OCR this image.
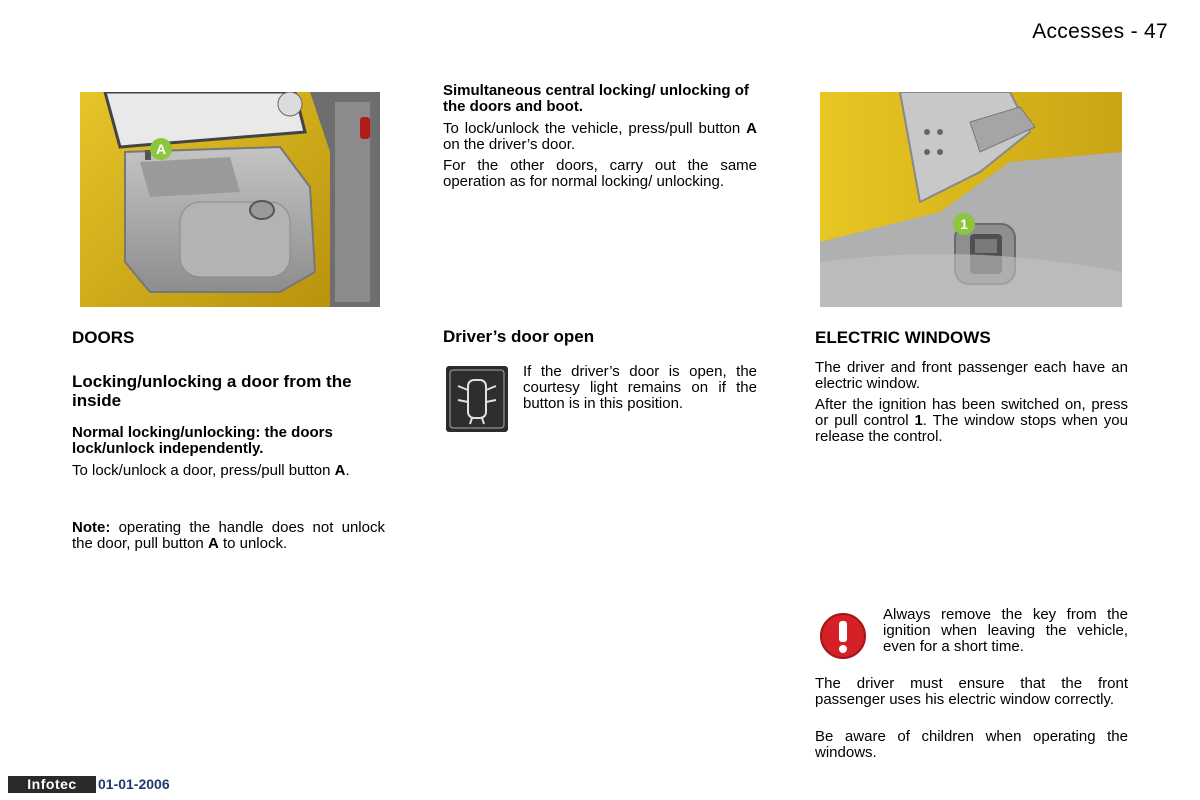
Accesses - 47
A
DOORS
Locking/unlocking a door from the inside
Normal locking/unlocking: the doors lock/unlock independently.
To lock/unlock a door, press/pull button A.
Note: operating the handle does not unlock the door, pull button A to unlock.
Simultaneous central locking/ unlocking of the doors and boot.
To lock/unlock the vehicle, press/pull button A on the driver’s door.
For the other doors, carry out the same operation as for normal locking/ unlocking.
Driver’s door open
If the driver’s door is open, the courtesy light remains on if the button is in this position.
1
ELECTRIC WINDOWS
The driver and front passenger each have an electric window.
After the ignition has been switched on, press or pull control 1. The window stops when you release the control.
Always remove the key from the ignition when leaving the vehicle, even for a short time.
The driver must ensure that the front passenger uses his electric window correctly.
Be aware of children when operating the windows.
Infotec	01-01-2006
